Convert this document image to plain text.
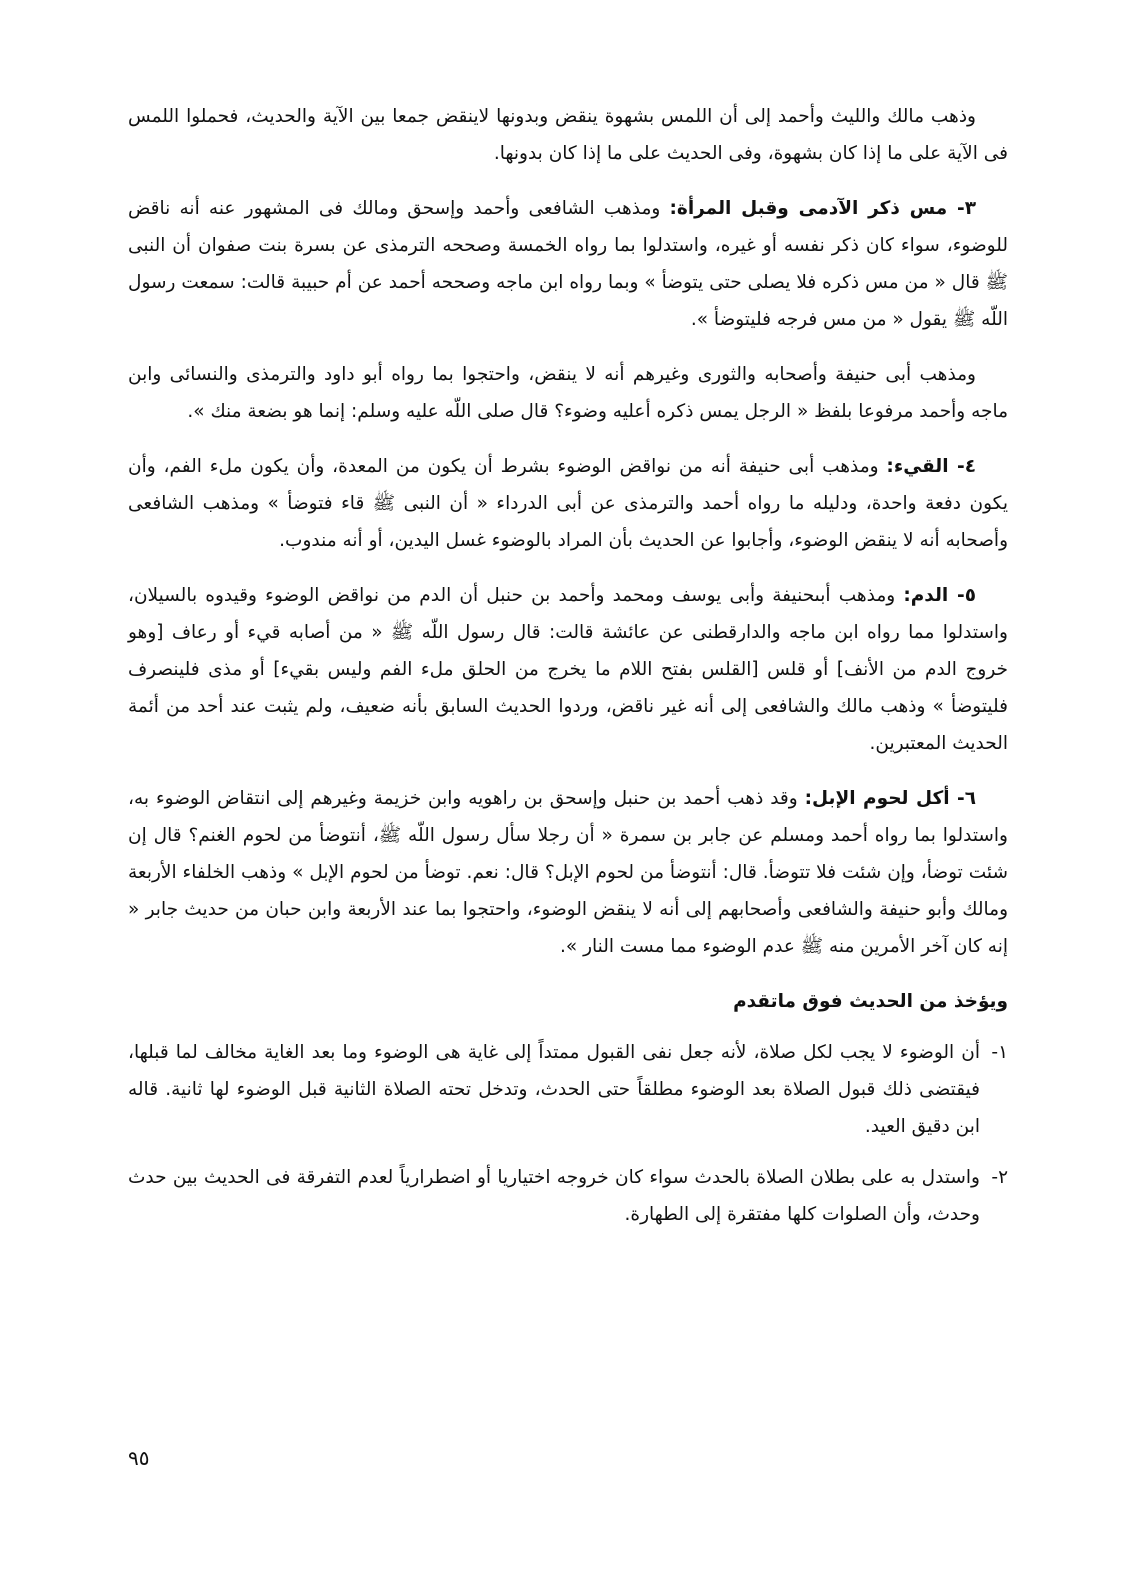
وذهب مالك والليث وأحمد إلى أن اللمس بشهوة ينقض وبدونها لاينقض جمعا بين الآية والحديث، فحملوا اللمس فى الآية على ما إذا كان بشهوة، وفى الحديث على ما إذا كان بدونها.

٣- مس ذكر الآدمى وقبل المرأة: ومذهب الشافعى وأحمد وإسحق ومالك فى المشهور عنه أنه ناقض للوضوء، سواء كان ذكر نفسه أو غيره، واستدلوا بما رواه الخمسة وصححه الترمذى عن بسرة بنت صفوان أن النبى ﷺ قال « من مس ذكره فلا يصلى حتى يتوضأ » وبما رواه ابن ماجه وصححه أحمد عن أم حبيبة قالت: سمعت رسول اللّه ﷺ يقول « من مس فرجه فليتوضأ ».

ومذهب أبى حنيفة وأصحابه والثورى وغيرهم أنه لا ينقض، واحتجوا بما رواه أبو داود والترمذى والنسائى وابن ماجه وأحمد مرفوعا بلفظ « الرجل يمس ذكره أعليه وضوء؟ قال صلى اللّه عليه وسلم: إنما هو بضعة منك ».

٤- القيء: ومذهب أبى حنيفة أنه من نواقض الوضوء بشرط أن يكون من المعدة، وأن يكون ملء الفم، وأن يكون دفعة واحدة، ودليله ما رواه أحمد والترمذى عن أبى الدرداء « أن النبى ﷺ قاء فتوضأ » ومذهب الشافعى وأصحابه أنه لا ينقض الوضوء، وأجابوا عن الحديث بأن المراد بالوضوء غسل اليدين، أو أنه مندوب.

٥- الدم: ومذهب أبىحنيفة وأبى يوسف ومحمد وأحمد بن حنبل أن الدم من نواقض الوضوء وقيدوه بالسيلان، واستدلوا مما رواه ابن ماجه والدارقطنى عن عائشة قالت: قال رسول اللّه ﷺ « من أصابه قيء أو رعاف [وهو خروج الدم من الأنف] أو قلس [القلس بفتح اللام ما يخرج من الحلق ملء الفم وليس بقيء] أو مذى فلينصرف فليتوضأ » وذهب مالك والشافعى إلى أنه غير ناقض، وردوا الحديث السابق بأنه ضعيف، ولم يثبت عند أحد من أئمة الحديث المعتبرين.

٦- أكل لحوم الإبل: وقد ذهب أحمد بن حنبل وإسحق بن راهويه وابن خزيمة وغيرهم إلى انتقاض الوضوء به، واستدلوا بما رواه أحمد ومسلم عن جابر بن سمرة « أن رجلا سأل رسول اللّه ﷺ، أنتوضأ من لحوم الغنم؟ قال إن شئت توضأ، وإن شئت فلا تتوضأ. قال: أنتوضأ من لحوم الإبل؟ قال: نعم. توضأ من لحوم الإبل » وذهب الخلفاء الأربعة ومالك وأبو حنيفة والشافعى وأصحابهم إلى أنه لا ينقض الوضوء، واحتجوا بما عند الأربعة وابن حبان من حديث جابر « إنه كان آخر الأمرين منه ﷺ عدم الوضوء مما مست النار ».

ويؤخذ من الحديث فوق ماتقدم

١-
أن الوضوء لا يجب لكل صلاة، لأنه جعل نفى القبول ممتداً إلى غاية هى الوضوء وما بعد الغاية مخالف لما قبلها، فيقتضى ذلك قبول الصلاة بعد الوضوء مطلقاً حتى الحدث، وتدخل تحته الصلاة الثانية قبل الوضوء لها ثانية. قاله ابن دقيق العيد.
٢-
واستدل به على بطلان الصلاة بالحدث سواء كان خروجه اختياريا أو اضطرارياً لعدم التفرقة فى الحديث بين حدث وحدث، وأن الصلوات كلها مفتقرة إلى الطهارة.
٩٥
